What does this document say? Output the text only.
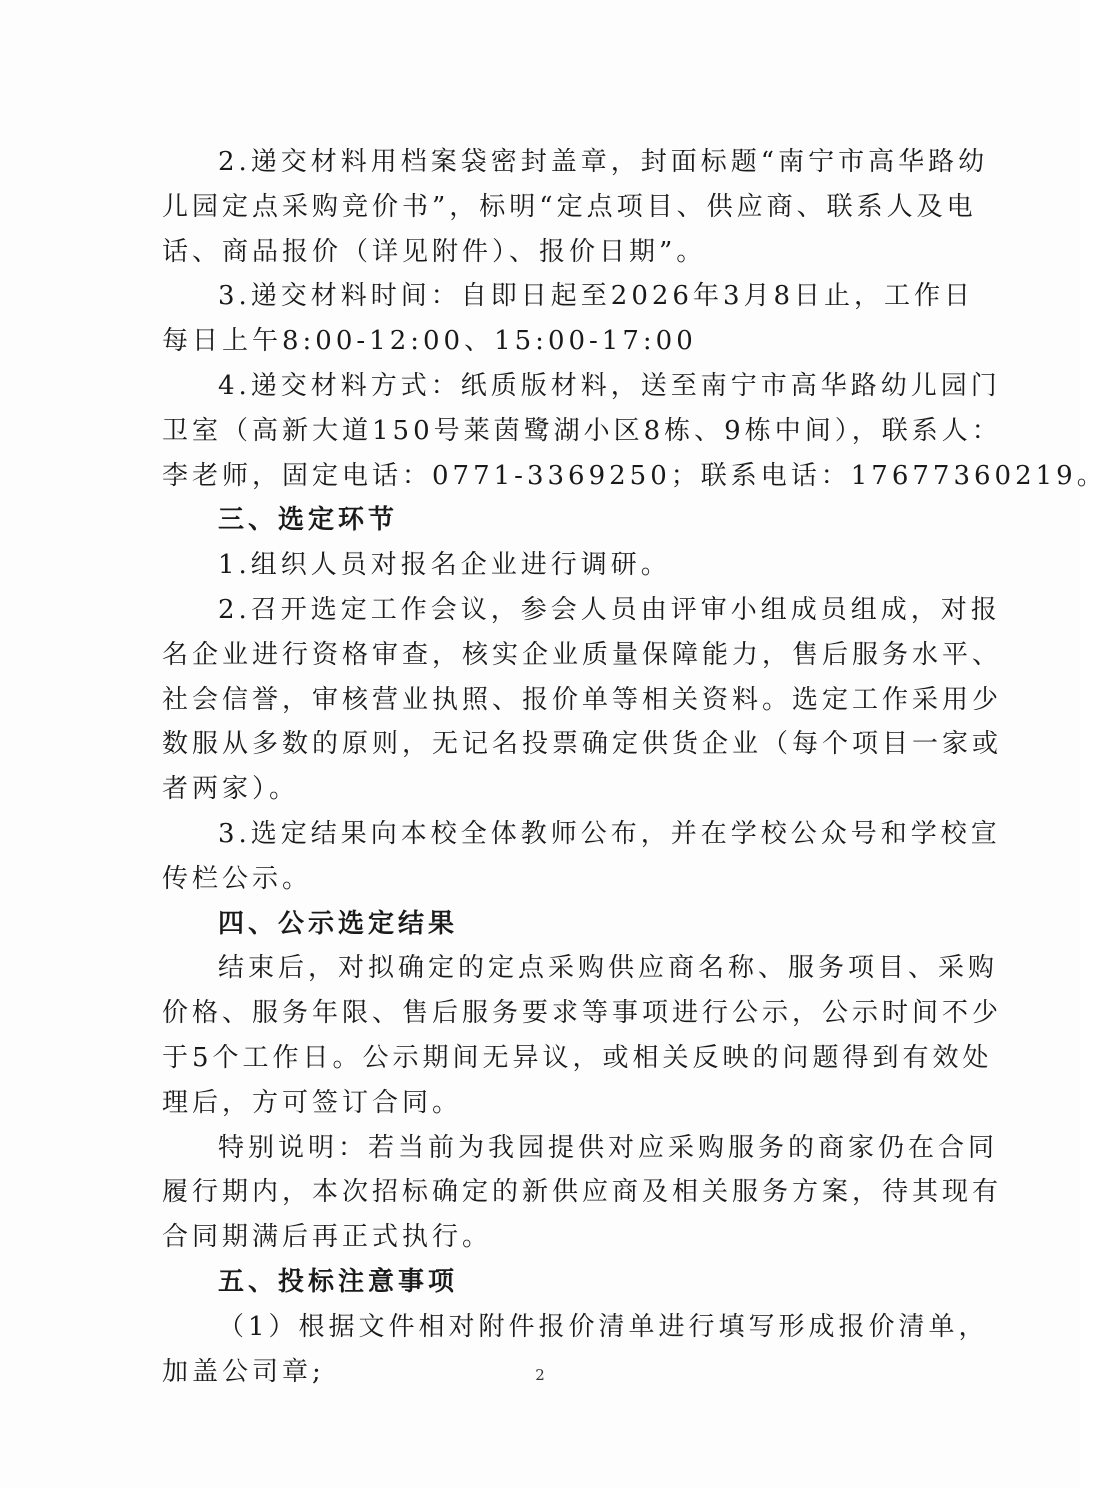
2.递交材料用档案袋密封盖章，封面标题“南宁市高华路幼
儿园定点采购竞价书”，标明“定点项目、供应商、联系人及电
话、商品报价（详见附件）、报价日期”。
3.递交材料时间：自即日起至2026年3月8日止，工作日
每日上午8:00-12:00、15:00-17:00
4.递交材料方式：纸质版材料，送至南宁市高华路幼儿园门
卫室（高新大道150号莱茵鹭湖小区8栋、9栋中间），联系人：
李老师，固定电话：0771-3369250；联系电话：17677360219。
三、选定环节
1.组织人员对报名企业进行调研。
2.召开选定工作会议，参会人员由评审小组成员组成，对报
名企业进行资格审查，核实企业质量保障能力，售后服务水平、
社会信誉，审核营业执照、报价单等相关资料。选定工作采用少
数服从多数的原则，无记名投票确定供货企业（每个项目一家或
者两家）。
3.选定结果向本校全体教师公布，并在学校公众号和学校宣
传栏公示。
四、公示选定结果
结束后，对拟确定的定点采购供应商名称、服务项目、采购
价格、服务年限、售后服务要求等事项进行公示，公示时间不少
于5个工作日。公示期间无异议，或相关反映的问题得到有效处
理后，方可签订合同。
特别说明：若当前为我园提供对应采购服务的商家仍在合同
履行期内，本次招标确定的新供应商及相关服务方案，待其现有
合同期满后再正式执行。
五、投标注意事项
（1）根据文件相对附件报价清单进行填写形成报价清单，
加盖公司章;	2
